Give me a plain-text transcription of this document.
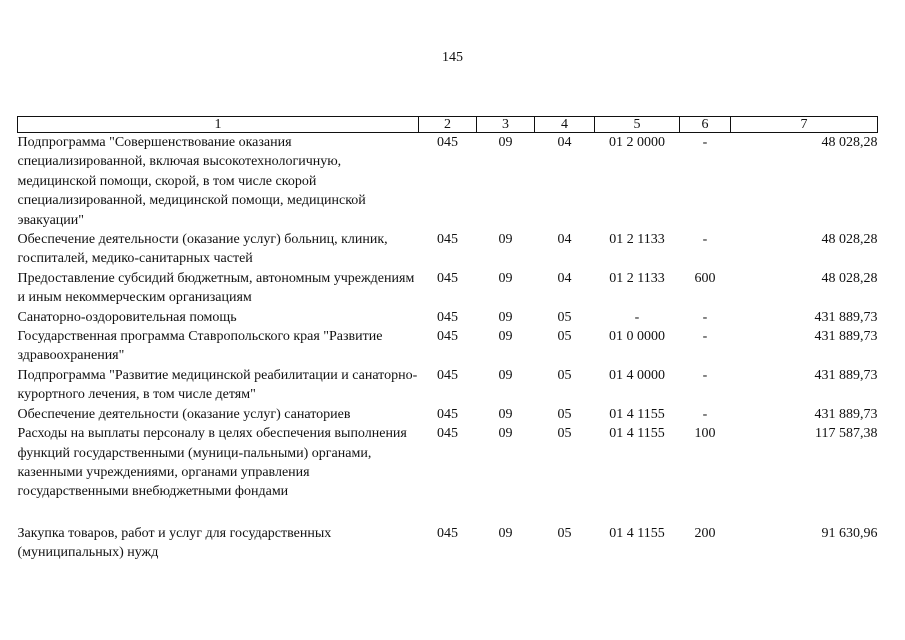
145
1	2	3	4	5	6	7
Подпрограмма "Совершенствование оказания специализированной, включая высокотехнологичную, медицинской помощи, скорой, в том числе скорой специализированной, медицинской помощи, медицинской эвакуации"	045	09	04	01 2 0000	-	48 028,28
Обеспечение деятельности (оказание услуг) больниц, клиник, госпиталей, медико-санитарных частей	045	09	04	01 2 1133	-	48 028,28
Предоставление субсидий бюджетным, автономным учреждениям и иным некоммерческим организациям	045	09	04	01 2 1133	600	48 028,28
Санаторно-оздоровительная помощь	045	09	05	-	-	431 889,73
Государственная программа Ставропольского края "Развитие здравоохранения"	045	09	05	01 0 0000	-	431 889,73
Подпрограмма "Развитие медицинской реабилитации и санаторно-курортного лечения, в том числе детям"	045	09	05	01 4 0000	-	431 889,73
Обеспечение деятельности (оказание услуг) санаториев	045	09	05	01 4 1155	-	431 889,73
Расходы на выплаты персоналу в целях обеспечения выполнения функций государственными (муници-пальными) органами, казенными учреждениями, органами управления государственными внебюджетными фондами	045	09	05	01 4 1155	100	117 587,38

Закупка товаров, работ и услуг для государственных (муниципальных) нужд	045	09	05	01 4 1155	200	91 630,96
